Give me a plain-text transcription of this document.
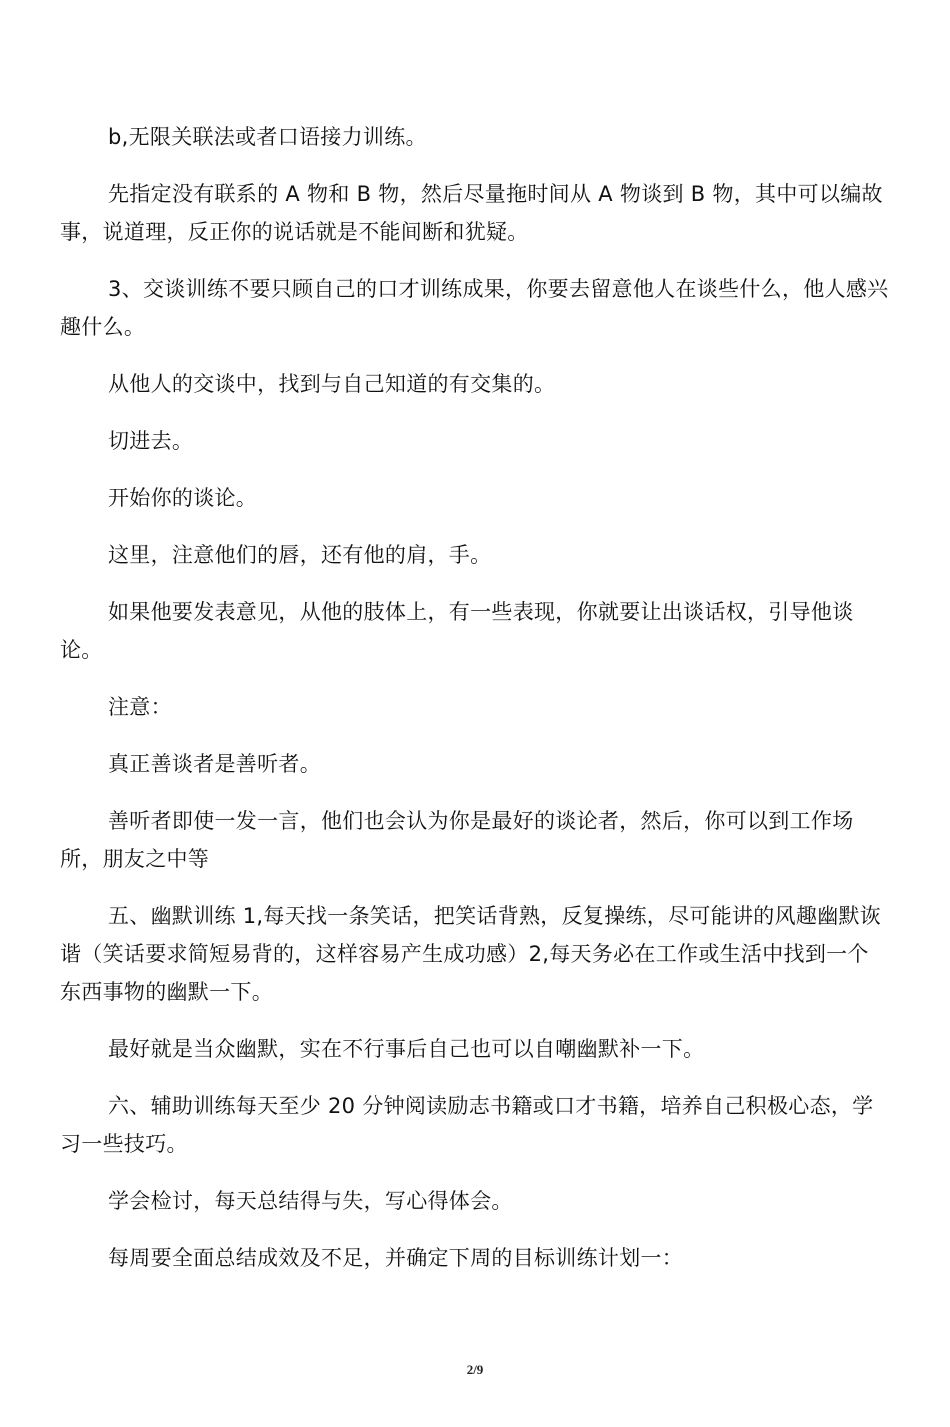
b,无限关联法或者口语接力训练。

先指定没有联系的 A 物和 B 物，然后尽量拖时间从 A 物谈到 B 物，其中可以编故事，说道理，反正你的说话就是不能间断和犹疑。

3、交谈训练不要只顾自己的口才训练成果，你要去留意他人在谈些什么，他人感兴趣什么。

从他人的交谈中，找到与自己知道的有交集的。

切进去。

开始你的谈论。

这里，注意他们的唇，还有他的肩，手。

如果他要发表意见，从他的肢体上，有一些表现，你就要让出谈话权，引导他谈论。

注意：

真正善谈者是善听者。

善听者即使一发一言，他们也会认为你是最好的谈论者，然后，你可以到工作场所，朋友之中等

五、幽默训练 1,每天找一条笑话，把笑话背熟，反复操练，尽可能讲的风趣幽默诙谐（笑话要求简短易背的，这样容易产生成功感）2,每天务必在工作或生活中找到一个东西事物的幽默一下。

最好就是当众幽默，实在不行事后自己也可以自嘲幽默补一下。

六、辅助训练每天至少 20 分钟阅读励志书籍或口才书籍，培养自己积极心态，学习一些技巧。

学会检讨，每天总结得与失，写心得体会。

每周要全面总结成效及不足，并确定下周的目标训练计划一：

2/9
